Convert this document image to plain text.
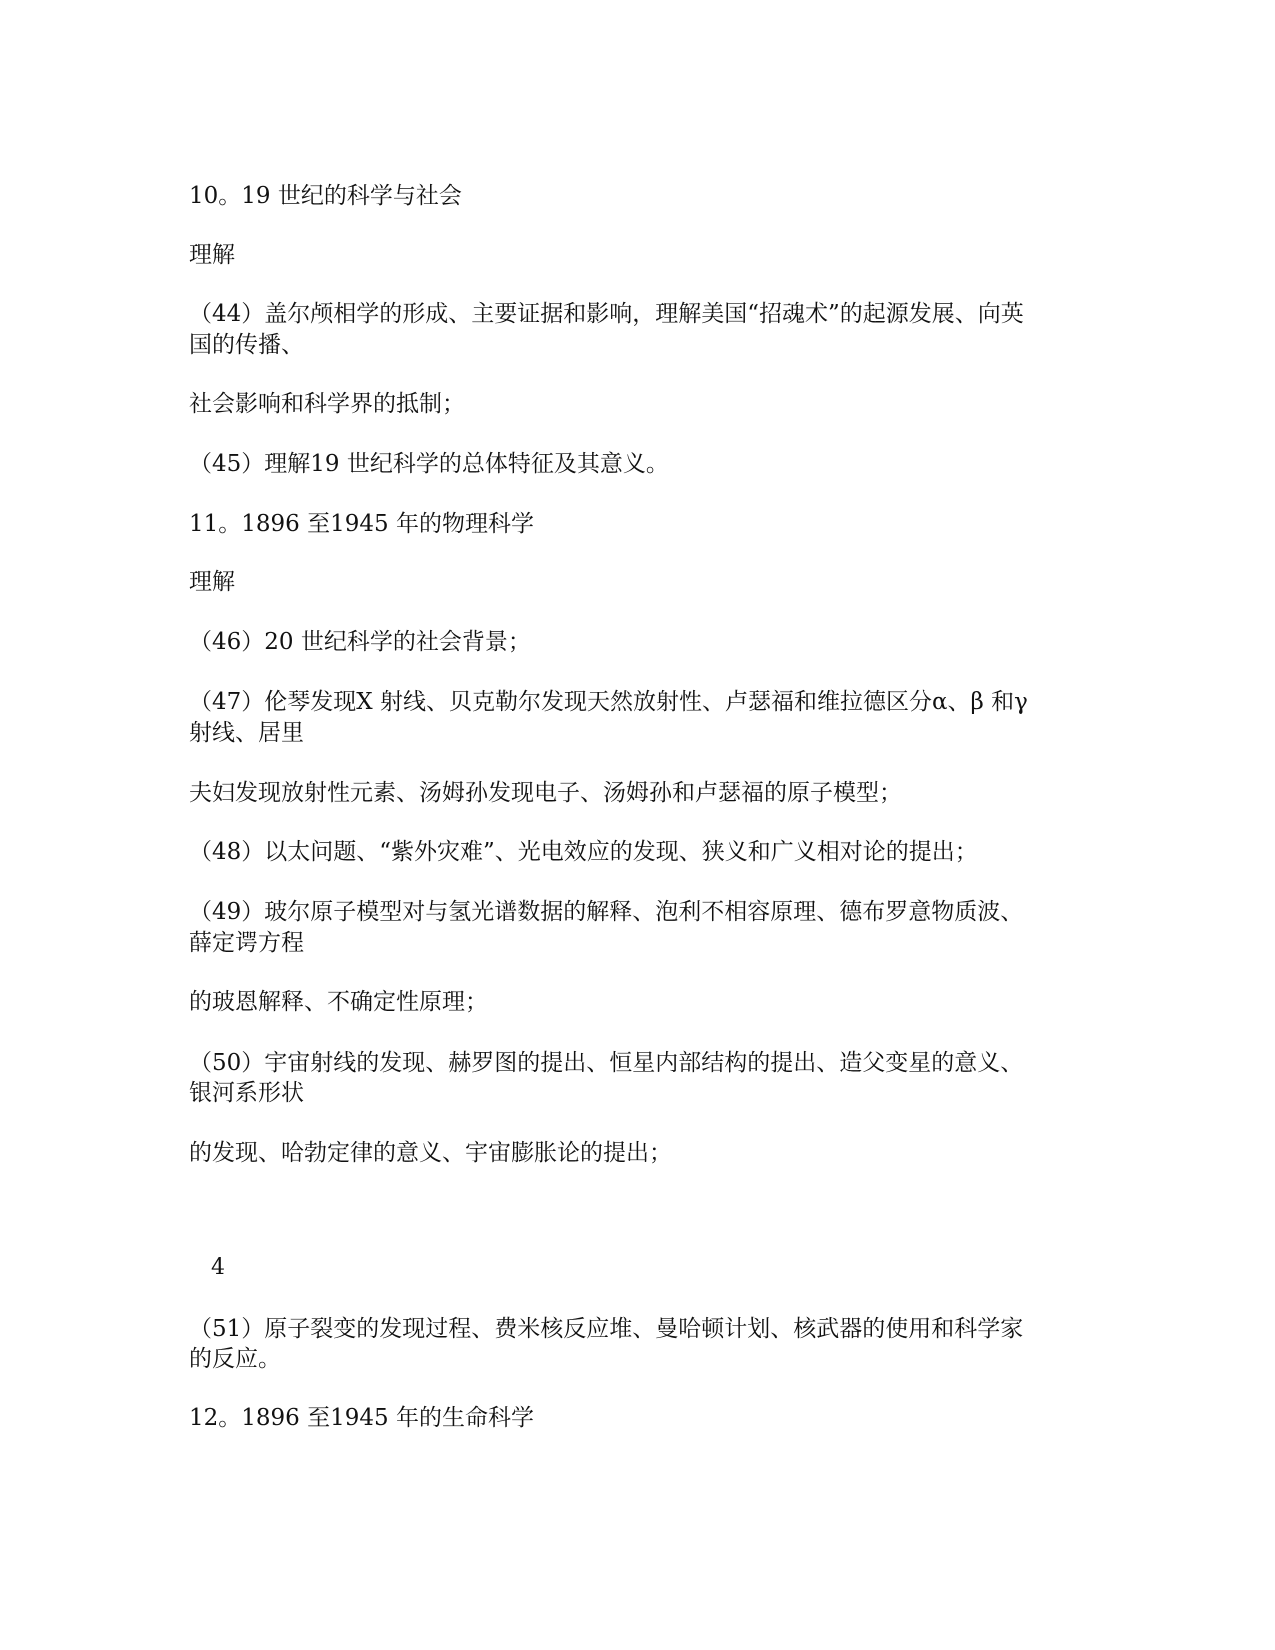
10。19 世纪的科学与社会
理解
（44）盖尔颅相学的形成、主要证据和影响，理解美国“招魂术”的起源发展、向英
国的传播、
社会影响和科学界的抵制；
（45）理解19 世纪科学的总体特征及其意义。
11。1896 至1945 年的物理科学
理解
（46）20 世纪科学的社会背景；
（47）伦琴发现X 射线、贝克勒尔发现天然放射性、卢瑟福和维拉德区分α、β 和γ
射线、居里
夫妇发现放射性元素、汤姆孙发现电子、汤姆孙和卢瑟福的原子模型；
（48）以太问题、“紫外灾难”、光电效应的发现、狭义和广义相对论的提出；
（49）玻尔原子模型对与氢光谱数据的解释、泡利不相容原理、德布罗意物质波、
薛定谔方程
的玻恩解释、不确定性原理；
（50）宇宙射线的发现、赫罗图的提出、恒星内部结构的提出、造父变星的意义、
银河系形状
的发现、哈勃定律的意义、宇宙膨胀论的提出；
4
（51）原子裂变的发现过程、费米核反应堆、曼哈顿计划、核武器的使用和科学家
的反应。
12。1896 至1945 年的生命科学
